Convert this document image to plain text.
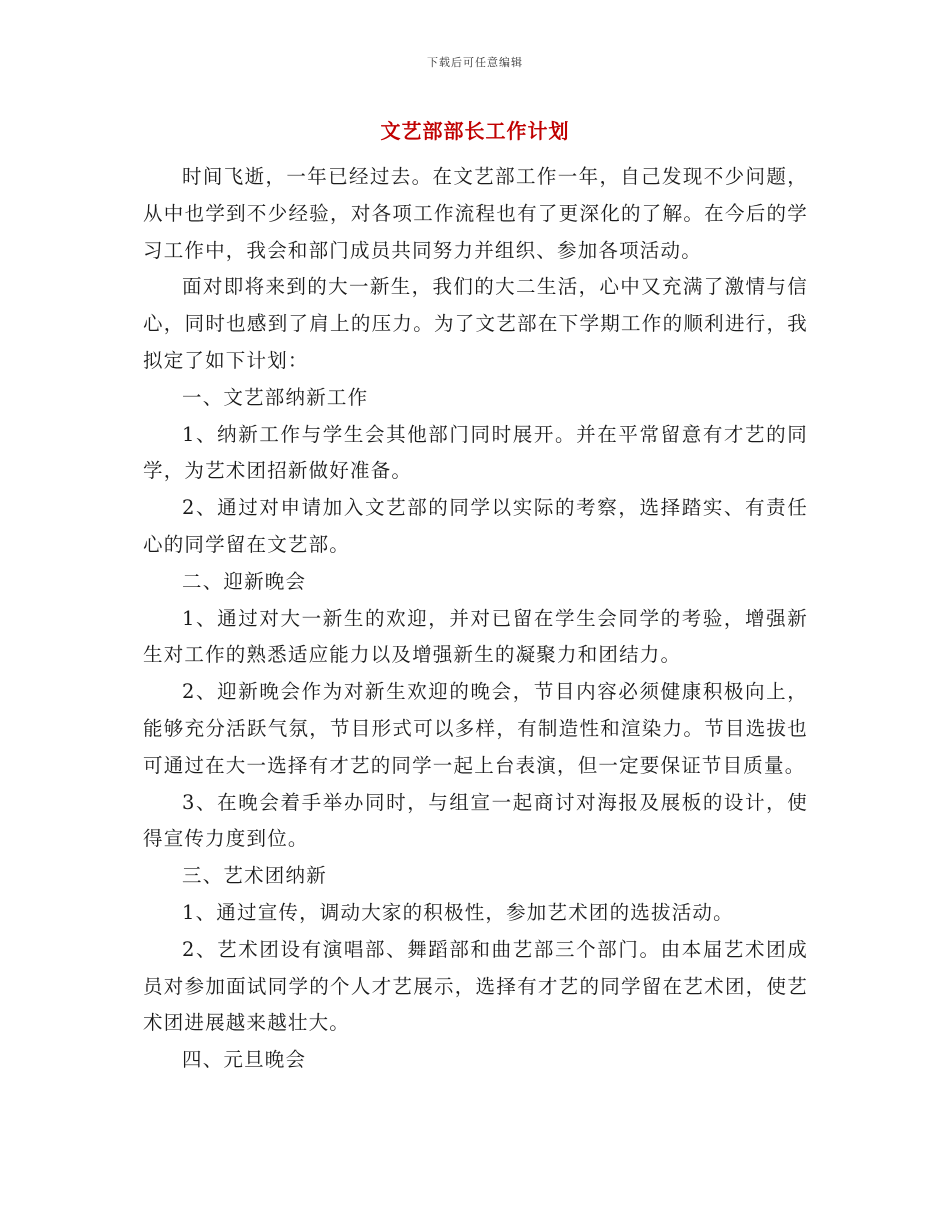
下载后可任意编辑
文艺部部长工作计划

时间飞逝，一年已经过去。在文艺部工作一年，自己发现不少问题，从中也学到不少经验，对各项工作流程也有了更深化的了解。在今后的学习工作中，我会和部门成员共同努力并组织、参加各项活动。

面对即将来到的大一新生，我们的大二生活，心中又充满了激情与信心，同时也感到了肩上的压力。为了文艺部在下学期工作的顺利进行，我拟定了如下计划：

一、文艺部纳新工作

1、纳新工作与学生会其他部门同时展开。并在平常留意有才艺的同学，为艺术团招新做好准备。

2、通过对申请加入文艺部的同学以实际的考察，选择踏实、有责任心的同学留在文艺部。

二、迎新晚会

1、通过对大一新生的欢迎，并对已留在学生会同学的考验，增强新生对工作的熟悉适应能力以及增强新生的凝聚力和团结力。

2、迎新晚会作为对新生欢迎的晚会，节目内容必须健康积极向上，能够充分活跃气氛，节目形式可以多样，有制造性和渲染力。节目选拔也可通过在大一选择有才艺的同学一起上台表演，但一定要保证节目质量。

3、在晚会着手举办同时，与组宣一起商讨对海报及展板的设计，使得宣传力度到位。

三、艺术团纳新

1、通过宣传，调动大家的积极性，参加艺术团的选拔活动。

2、艺术团设有演唱部、舞蹈部和曲艺部三个部门。由本届艺术团成员对参加面试同学的个人才艺展示，选择有才艺的同学留在艺术团，使艺术团进展越来越壮大。

四、元旦晚会
